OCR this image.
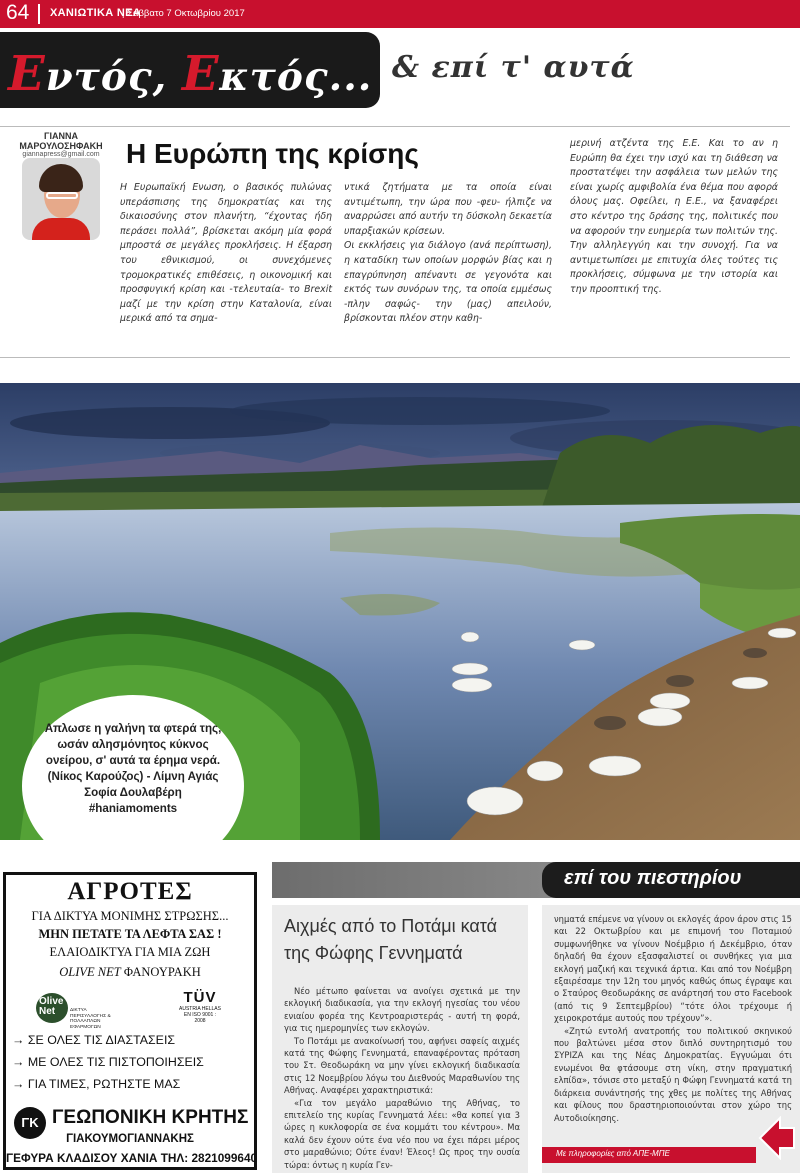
64 ΧΑΝΙΩΤΙΚΑ ΝΕΑ
| Σάββατο 7 Οκτωβρίου 2017
Εντός, Εκτός... & επί τ' αυτά
ΓΙΑΝΝΑ ΜΑΡΟΥΛΟΣΗΦΑΚΗ
giannapress@gmail.com Η Ευρώπη της κρίσης

Η Ευρωπαϊκή Ενωση, ο βασικός πυλώνας υπεράσπισης της δημοκρατίας και της δικαιοσύνης στον πλανήτη, “έχοντας ήδη περάσει πολλά”, βρίσκεται ακόμη μία φορά μπροστά σε μεγάλες προκλήσεις. Η έξαρση του εθνικισμού, οι συνεχόμενες τρομοκρατικές επιθέσεις, η οικονομική και προσφυγική κρίση και -τελευταία- το Brexit μαζί με την κρίση στην Καταλονία, είναι μερικά από τα σημα-

ντικά ζητήματα με τα οποία είναι αντιμέτωπη, την ώρα που -φευ- ήλπιζε να αναρρώσει από αυτήν τη δύσκολη δεκαετία υπαρξιακών κρίσεων.

Οι εκκλήσεις για διάλογο (ανά περίπτωση), η καταδίκη των οποίων μορφών βίας και η επαγρύπνηση απέναντι σε γεγονότα και εκτός των συνόρων της, τα οποία εμμέσως -πλην σαφώς- την (μας) απειλούν, βρίσκονται πλέον στην καθη-

μερινή ατζέντα της Ε.Ε. Και το αν η Ευρώπη θα έχει την ισχύ και τη διάθεση να προστατέψει την ασφάλεια των μελών της είναι χωρίς αμφιβολία ένα θέμα που αφορά όλους μας. Οφείλει, η Ε.Ε., να ξαναφέρει στο κέντρο της δράσης της, πολιτικές που να αφορούν την ευημερία των πολιτών της. Την αλληλεγγύη και την συνοχή. Για να αντιμετωπίσει με επιτυχία όλες τούτες τις προκλήσεις, σύμφωνα με την ιστορία και την προοπτική της.

Απλωσε η γαλήνη τα φτερά της, ωσάν αλησμόνητος κύκνος ονείρου, σ' αυτά τα έρημα νερά.(Νίκος Καρούζος) - Λίμνη Αγιάς Σοφία Δουλαβέρη #haniamoments
ΑΓΡΟΤΕΣ
ΓΙΑ ΔΙΚΤΥΑ ΜΟΝΙΜΗΣ ΣΤΡΩΣΗΣ...
ΜΗΝ ΠΕΤΑΤΕ ΤΑ ΛΕΦΤΑ ΣΑΣ !
ΕΛΑΙΟΔΙΚΤΥΑ ΓΙΑ ΜΙΑ ΖΩΗ
OLIVE NET ΦΑΝΟΥΡΑΚΗ
Olive
Net	ΔΙΚΤΥΑ ΠΕΡΙΣΥΛΛΟΓΗΣ & ΠΟΛΛΑΠΛΩΝ ΕΦΑΡΜΟΓΩΝ
TÜV
AUSTRIA HELLAS EN ISO 9001 : 2008
→ ΣΕ ΟΛΕΣ ΤΙΣ ΔΙΑΣΤΑΣΕΙΣ
→ ΜΕ ΟΛΕΣ ΤΙΣ ΠΙΣΤΟΠΟΙΗΣΕΙΣ
→ ΓΙΑ ΤΙΜΕΣ, ΡΩΤΗΣΤΕ ΜΑΣ
ΓΚ ΓΕΩΠΟΝΙΚΗ ΚΡΗΤΗΣ
ΓΙΑΚΟΥΜΟΓΙΑΝΝΑΚΗΣ
ΓΕΦΥΡΑ ΚΛΑΔΙΣΟΥ ΧΑΝΙΑ ΤΗΛ: 2821099640
επί του πιεστηρίου
Αιχμές από το Ποτάμι κατά της Φώφης Γεννηματά

Νέο μέτωπο φαίνεται να ανοίγει σχετικά με την εκλογική διαδικασία, για την εκλογή ηγεσίας του νέου ενιαίου φορέα της Κεντροαριστεράς - αυτή τη φορά, για τις ημερομηνίες των εκλογών.

Το Ποτάμι με ανακοίνωσή του, αφήνει σαφείς αιχμές κατά της Φώφης Γεννηματά, επαναφέροντας πρόταση του Στ. Θεοδωράκη να μην γίνει εκλογική διαδικασία στις 12 Νοεμβρίου λόγω του Διεθνούς Μαραθωνίου της Αθήνας. Αναφέρει χαρακτηριστικά:

«Για τον μεγάλο μαραθώνιο της Αθήνας, το επιτελείο της κυρίας Γεννηματά λέει: «θα κοπεί για 3 ώρες η κυκλοφορία σε ένα κομμάτι του κέντρου». Μα καλά δεν έχουν ούτε ένα νέο που να έχει πάρει μέρος στο μαραθώνιο; Ούτε έναν! Έλεος! Ως προς την ουσία τώρα: όντως η κυρία Γεν-

νηματά επέμενε να γίνουν οι εκλογές άρον άρον στις 15 και 22 Οκτωβρίου και με επιμονή του Ποταμιού συμφωνήθηκε να γίνουν Νοέμβριο ή Δεκέμβριο, όταν δηλαδή θα έχουν εξασφαλιστεί οι συνθήκες για μια εκλογή μαζική και τεχνικά άρτια. Και από τον Νοέμβρη εξαιρέσαμε την 12η του μηνός καθώς όπως έγραψε και ο Σταύρος Θεοδωράκης σε ανάρτησή του στο Facebook (από τις 9 Σεπτεμβρίου) “τότε όλοι τρέχουμε ή χειροκροτάμε αυτούς που τρέχουν”».

«Ζητώ εντολή ανατροπής του πολιτικού σκηνικού που βαλτώνει μέσα στον διπλό συντηρητισμό του ΣΥΡΙΖΑ και της Νέας Δημοκρατίας. Εγγυώμαι ότι ενωμένοι θα φτάσουμε στη νίκη, στην πραγματική ελπίδα», τόνισε στο μεταξύ η Φώφη Γεννηματά κατά τη διάρκεια συνάντησής της χθες με πολίτες της Αθήνας και φίλους που δραστηριοποιούνται στον χώρο της Αυτοδιοίκησης.

Με πληροφορίες από ΑΠΕ-ΜΠΕ
